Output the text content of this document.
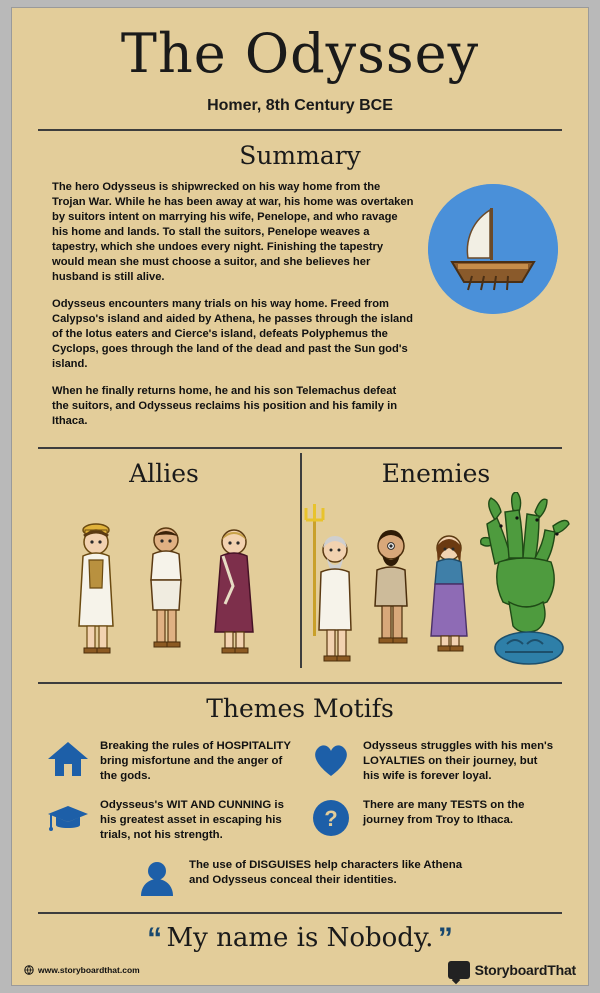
The Odyssey
Homer, 8th Century BCE
Summary

The hero Odysseus is shipwrecked on his way home from the Trojan War. While he has been away at war, his home was overtaken by suitors intent on marrying his wife, Penelope, and who ravage his home and lands. To stall the suitors, Penelope weaves a tapestry, which she undoes every night. Finishing the tapestry would mean she must choose a suitor, and she believes her husband is still alive.

Odysseus encounters many trials on his way home. Freed from Calypso's island and aided by Athena, he passes through the island of the lotus eaters and Cierce's island, defeats Polyphemus the Cyclops, goes through the land of the dead and past the Sun god's island.

When he finally returns home, he and his son Telemachus defeat the suitors, and Odysseus reclaims his position and his family in Ithaca.

Allies	Enemies
Themes Motifs
Breaking the rules of HOSPITALITY bring misfortune and the anger of the gods.
Odysseus struggles with his men's LOYALTIES on their journey, but his wife is forever loyal.
Odysseus's WIT AND CUNNING is his greatest asset in escaping his trials, not his strength.
?
There are many TESTS on the journey from Troy to Ithaca.
The use of DISGUISES help characters like Athena and Odysseus conceal their identities.
“ My name is Nobody. ”
www.storyboardthat.com	StoryboardThat
